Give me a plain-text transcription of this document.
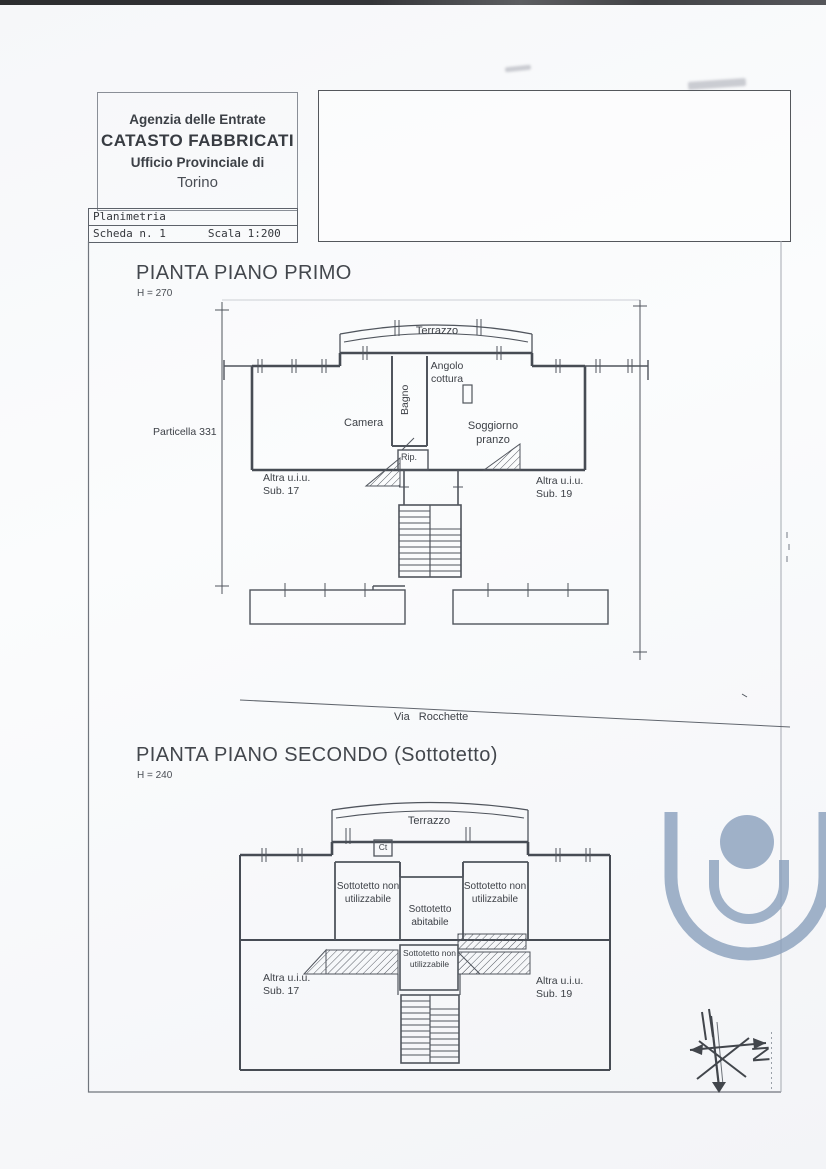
Agenzia delle Entrate
CATASTO FABBRICATI
Ufficio Provinciale di
Torino
Planimetria
Scheda n. 1	Scala 1:200
N
PIANTA PIANO PRIMO
H = 270
Terrazzo
Angolo cottura
Bagno
Camera	Soggiorno pranzo
Rip.
Particella 331
Altra u.i.u. Sub. 17
Altra u.i.u. Sub. 19
Via Rocchette
PIANTA PIANO SECONDO (Sottotetto)
H = 240
Terrazzo
Ct
Sottotetto non utilizzabile
Sottotetto abitabile
Sottotetto non utilizzabile
Sottotetto non utilizzabile
Altra u.i.u. Sub. 17
Altra u.i.u. Sub. 19
